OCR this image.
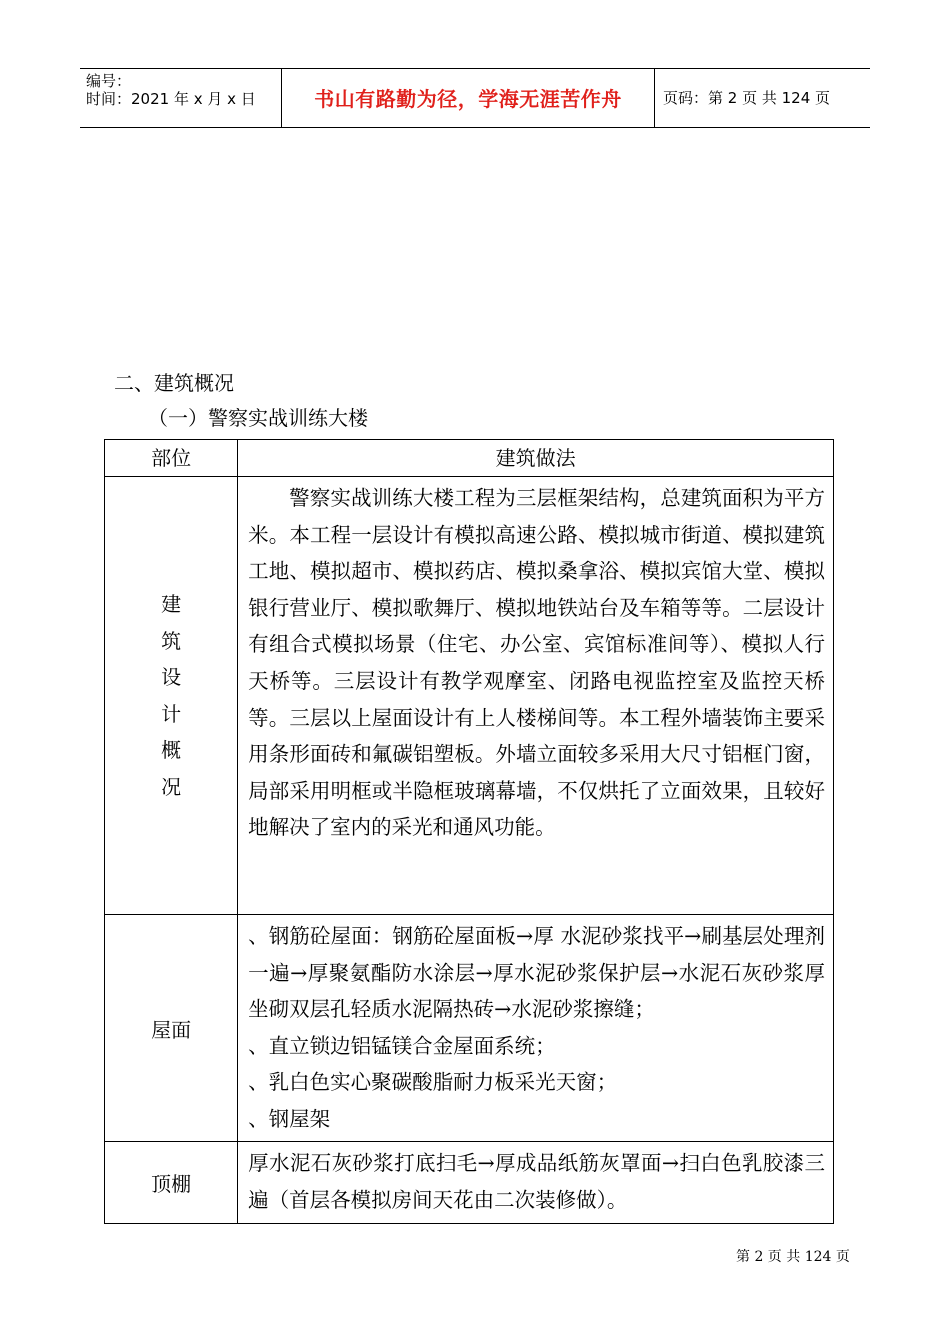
编号：
时间：2021 年 x 月 x 日	书山有路勤为径，学海无涯苦作舟	页码：第 2 页 共 124 页
二、建筑概况
（一）警察实战训练大楼
部位	建筑做法
建筑设计概况	警察实战训练大楼工程为三层框架结构，总建筑面积为平方米。本工程一层设计有模拟高速公路、模拟城市街道、模拟建筑工地、模拟超市、模拟药店、模拟桑拿浴、模拟宾馆大堂、模拟银行营业厅、模拟歌舞厅、模拟地铁站台及车箱等等。二层设计有组合式模拟场景（住宅、办公室、宾馆标准间等）、模拟人行天桥等。三层设计有教学观摩室、闭路电视监控室及监控天桥等。三层以上屋面设计有上人楼梯间等。本工程外墙装饰主要采用条形面砖和氟碳铝塑板。外墙立面较多采用大尺寸铝框门窗，局部采用明框或半隐框玻璃幕墙，不仅烘托了立面效果，且较好地解决了室内的采光和通风功能。

屋面	、钢筋砼屋面：钢筋砼屋面板→厚 水泥砂浆找平→刷基层处理剂一遍→厚聚氨酯防水涂层→厚水泥砂浆保护层→水泥石灰砂浆厚坐砌双层孔轻质水泥隔热砖→水泥砂浆擦缝；

、直立锁边铝锰镁合金屋面系统；

、乳白色实心聚碳酸脂耐力板采光天窗；

、钢屋架

顶棚	厚水泥石灰砂浆打底扫毛→厚成品纸筋灰罩面→扫白色乳胶漆三遍（首层各模拟房间天花由二次装修做）。

第 2 页 共 124 页
